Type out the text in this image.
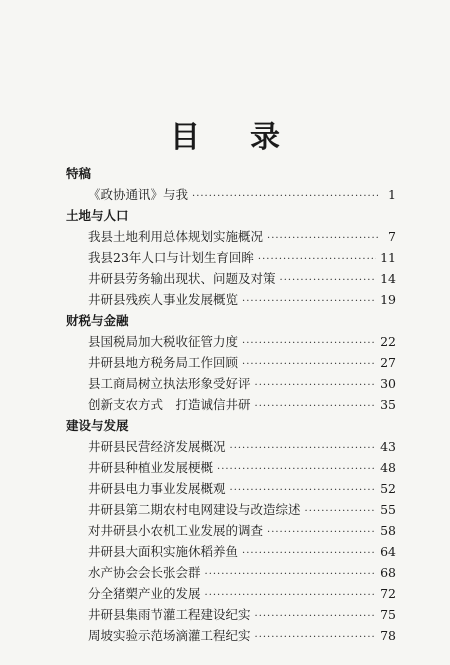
目 录
特稿
《政协通讯》与我 ·····	1
土地与人口
我县土地利用总体规划实施概况 ·····	7
我县23年人口与计划生育回眸 ·····	11
井研县劳务输出现状、问题及对策 ·····	14
井研县残疾人事业发展概览 ·····	19
财税与金融
县国税局加大税收征管力度 ·····	22
井研县地方税务局工作回顾 ·····	27
县工商局树立执法形象受好评 ·····	30
创新支农方式　打造诚信井研 ·····	35
建设与发展
井研县民营经济发展概况 ·····	43
井研县种植业发展梗概 ·····	48
井研县电力事业发展概观 ·····	52
井研县第二期农村电网建设与改造综述 ·····	55
对井研县小农机工业发展的调查 ·····	58
井研县大面积实施休稻养鱼 ·····	64
水产协会会长张会群 ·····	68
分全猪槊产业的发展 ·····	72
井研县集雨节灌工程建设纪实 ·····	75
周坡实验示范场滴灌工程纪实 ·····	78
